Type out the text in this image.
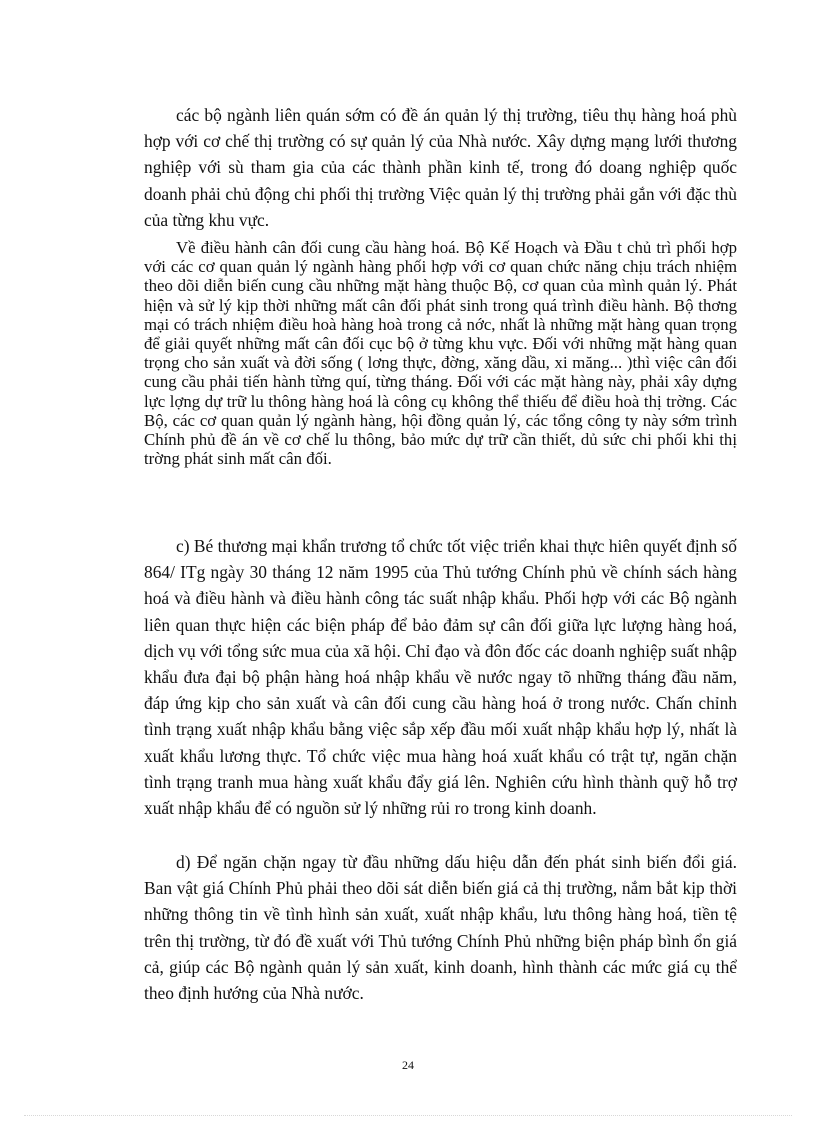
các bộ ngành liên quán sớm có đề án quản lý thị trường, tiêu thụ hàng hoá phù hợp với cơ chế thị trường có sự quản lý của Nhà nước. Xây dựng mạng lưới thương nghiệp với sù tham gia của các thành phần kinh tế, trong đó doang nghiệp quốc doanh phải chủ động chi phối thị trường Việc quản lý thị trường phải gắn với đặc thù của từng khu vực.

Về điều hành cân đối cung cầu hàng hoá. Bộ Kế Hoạch và Đầu t chủ trì phối hợp với các cơ quan quản lý ngành hàng phối hợp với cơ quan chức năng chịu trách nhiệm theo dõi diễn biến cung cầu những mặt hàng thuộc Bộ, cơ quan của mình quản lý. Phát hiện và sử lý kịp thời những mất cân đối phát sinh trong quá trình điều hành. Bộ thơng mại có trách nhiệm điều hoà hàng hoà trong cả nớc, nhất là những mặt hàng quan trọng để giải quyết những mất cân đối cục bộ ở từng khu vực. Đối với những mặt hàng quan trọng cho sản xuất và đời sống ( lơng thực, đờng, xăng dầu, xi măng... )thì việc cân đối cung cầu phải tiến hành từng quí, từng tháng. Đối với các mặt hàng này, phải xây dựng lực lợng dự trữ lu thông hàng hoá là công cụ không thể thiếu để điều hoà thị trờng. Các Bộ, các cơ quan quản lý ngành hàng, hội đồng quản lý, các tổng công ty này sớm trình Chính phủ đề án về cơ chế lu thông, bảo mức dự trữ cần thiết, dủ sức chi phối khi thị trờng phát sinh mất cân đối.

c) Bé thương mại khẩn trương tổ chức tốt việc triển khai thực hiên quyết định số 864/ ITg ngày 30 tháng 12 năm 1995 của Thủ tướng Chính phủ về chính sách hàng hoá và điều hành và điều hành công tác suất nhập khẩu. Phối hợp với các Bộ ngành liên quan thực hiện các biện pháp để bảo đảm sự cân đối giữa lực lượng hàng hoá, dịch vụ với tổng sức mua của xã hội. Chỉ đạo và đôn đốc các doanh nghiệp suất nhập khẩu đưa đại bộ phận hàng hoá nhập khẩu về nước ngay tõ những tháng đầu năm, đáp ứng kịp cho sản xuất và cân đối cung cầu hàng hoá ở trong nước. Chấn chỉnh tình trạng xuất nhập khẩu bằng việc sắp xếp đầu mối xuất nhập khẩu hợp lý, nhất là xuất khẩu lương thực. Tổ chức việc mua hàng hoá xuất khẩu có trật tự, ngăn chặn tình trạng tranh mua hàng xuất khẩu đẩy giá lên. Nghiên cứu hình thành quỹ hỗ trợ xuất nhập khẩu để có nguồn sử lý những rủi ro trong kinh doanh.

d) Để ngăn chặn ngay từ đầu những dấu hiệu dẫn đến phát sinh biến đổi giá. Ban vật giá Chính Phủ phải theo dõi sát diễn biến giá cả thị trường, nắm bắt kịp thời những thông tin về tình hình sản xuất, xuất nhập khẩu, lưu thông hàng hoá, tiền tệ trên thị trường, từ đó đề xuất với Thủ tướng Chính Phủ những biện pháp bình ổn giá cả, giúp các Bộ ngành quản lý sản xuất, kinh doanh, hình thành các mức giá cụ thể theo định hướng của Nhà nước.

24
